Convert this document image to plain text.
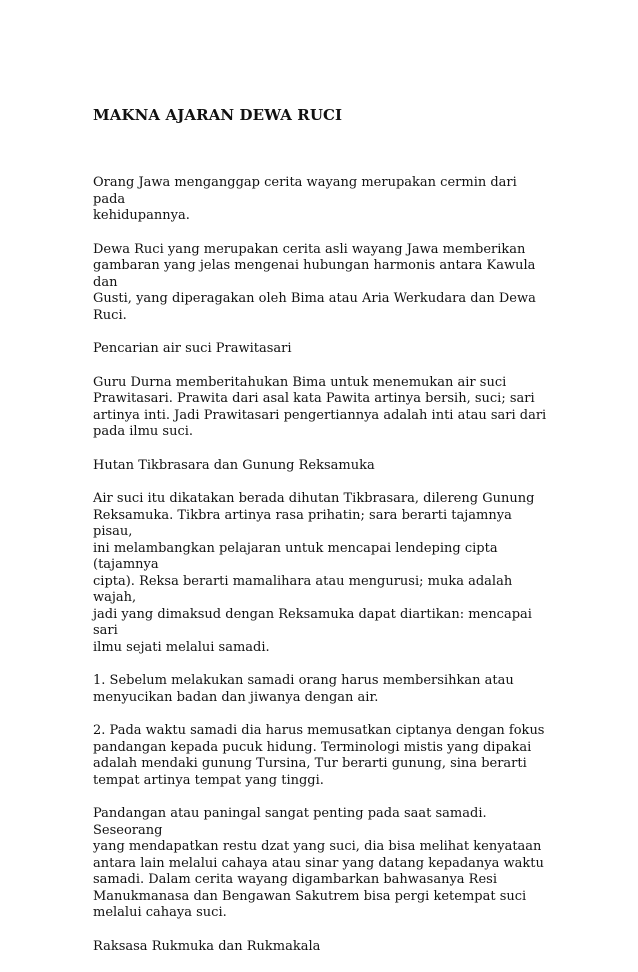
MAKNA AJARAN DEWA RUCI

Orang Jawa menganggap cerita wayang merupakan cermin dari pada
kehidupannya.

Dewa Ruci yang merupakan cerita asli wayang Jawa memberikan
gambaran yang jelas mengenai hubungan harmonis antara Kawula dan
Gusti, yang diperagakan oleh Bima atau Aria Werkudara dan Dewa Ruci.

Pencarian air suci Prawitasari

Guru Durna memberitahukan Bima untuk menemukan air suci
Prawitasari. Prawita dari asal kata Pawita artinya bersih, suci; sari
artinya inti. Jadi Prawitasari pengertiannya adalah inti atau sari dari
pada ilmu suci.

Hutan Tikbrasara dan Gunung Reksamuka

Air suci itu dikatakan berada dihutan Tikbrasara, dilereng Gunung
Reksamuka. Tikbra artinya rasa prihatin; sara berarti tajamnya pisau,
ini melambangkan pelajaran untuk mencapai lendeping cipta (tajamnya
cipta). Reksa berarti mamalihara atau mengurusi; muka adalah wajah,
jadi yang dimaksud dengan Reksamuka dapat diartikan: mencapai sari
ilmu sejati melalui samadi.

1. Sebelum melakukan samadi orang harus membersihkan atau
menyucikan badan dan jiwanya dengan air.

2. Pada waktu samadi dia harus memusatkan ciptanya dengan fokus
pandangan kepada pucuk hidung. Terminologi mistis yang dipakai
adalah mendaki gunung Tursina, Tur berarti gunung, sina berarti
tempat artinya tempat yang tinggi.

Pandangan atau paningal sangat penting pada saat samadi. Seseorang
yang mendapatkan restu dzat yang suci, dia bisa melihat kenyataan
antara lain melalui cahaya atau sinar yang datang kepadanya waktu
samadi. Dalam cerita wayang digambarkan bahwasanya Resi
Manukmanasa dan Bengawan Sakutrem bisa pergi ketempat suci
melalui cahaya suci.

Raksasa Rukmuka dan Rukmakala
